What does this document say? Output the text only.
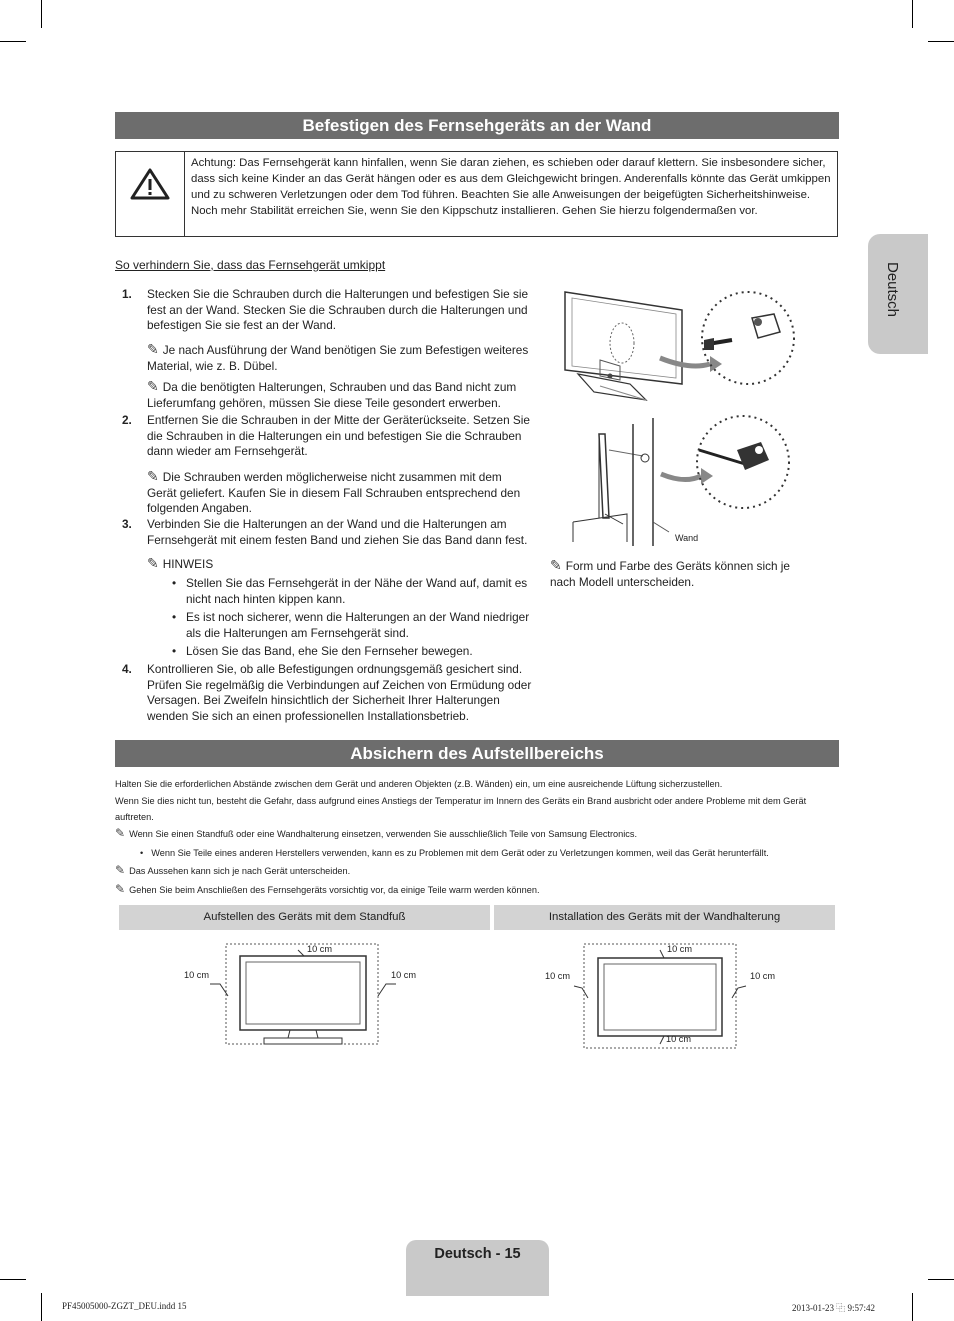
Befestigen des Fernsehgeräts an der Wand
Achtung: Das Fernsehgerät kann hinfallen, wenn Sie daran ziehen, es schieben oder darauf klettern. Sie insbesondere sicher, dass sich keine Kinder an das Gerät hängen oder es aus dem Gleichgewicht bringen. Anderenfalls könnte das Gerät umkippen und zu schweren Verletzungen oder dem Tod führen. Beachten Sie alle Anweisungen der beigefügten Sicherheitshinweise. Noch mehr Stabilität erreichen Sie, wenn Sie den Kippschutz installieren. Gehen Sie hierzu folgendermaßen vor.
So verhindern Sie, dass das Fernsehgerät umkippt
1. Stecken Sie die Schrauben durch die Halterungen und befestigen Sie sie fest an der Wand. Stecken Sie die Schrauben durch die Halterungen und befestigen Sie sie fest an der Wand.
✎ Je nach Ausführung der Wand benötigen Sie zum Befestigen weiteres Material, wie z. B. Dübel.
✎ Da die benötigten Halterungen, Schrauben und das Band nicht zum Lieferumfang gehören, müssen Sie diese Teile gesondert erwerben.
2. Entfernen Sie die Schrauben in der Mitte der Geräterückseite. Setzen Sie die Schrauben in die Halterungen ein und befestigen Sie die Schrauben dann wieder am Fernsehgerät.
✎ Die Schrauben werden möglicherweise nicht zusammen mit dem Gerät geliefert. Kaufen Sie in diesem Fall Schrauben entsprechend den folgenden Angaben.
3. Verbinden Sie die Halterungen an der Wand und die Halterungen am Fernsehgerät mit einem festen Band und ziehen Sie das Band dann fest.
✎ HINWEIS
• Stellen Sie das Fernsehgerät in der Nähe der Wand auf, damit es nicht nach hinten kippen kann.
• Es ist noch sicherer, wenn die Halterungen an der Wand niedriger als die Halterungen am Fernsehgerät sind.
• Lösen Sie das Band, ehe Sie den Fernseher bewegen.
4. Kontrollieren Sie, ob alle Befestigungen ordnungsgemäß gesichert sind. Prüfen Sie regelmäßig die Verbindungen auf Zeichen von Ermüdung oder Versagen. Bei Zweifeln hinsichtlich der Sicherheit Ihrer Halterungen wenden Sie sich an einen professionellen Installationsbetrieb.
Wand
✎ Form und Farbe des Geräts können sich je nach Modell unterscheiden.
Deutsch
Absichern des Aufstellbereichs
Halten Sie die erforderlichen Abstände zwischen dem Gerät und anderen Objekten (z.B. Wänden) ein, um eine ausreichende Lüftung sicherzustellen.
Wenn Sie dies nicht tun, besteht die Gefahr, dass aufgrund eines Anstiegs der Temperatur im Innern des Geräts ein Brand ausbricht oder andere Probleme mit dem Gerät auftreten.
✎ Wenn Sie einen Standfuß oder eine Wandhalterung einsetzen, verwenden Sie ausschließlich Teile von Samsung Electronics.
• Wenn Sie Teile eines anderen Herstellers verwenden, kann es zu Problemen mit dem Gerät oder zu Verletzungen kommen, weil das Gerät herunterfällt.
✎ Das Aussehen kann sich je nach Gerät unterscheiden.
✎ Gehen Sie beim Anschließen des Fernsehgeräts vorsichtig vor, da einige Teile warm werden können.
Aufstellen des Geräts mit dem Standfuß	Installation des Geräts mit der Wandhalterung
10 cm
10 cm	10 cm
10 cm
10 cm	10 cm
10 cm
Deutsch - 15
PF45005000-ZGZT_DEU.indd 15	2013-01-23 ⿻ 9:57:42
